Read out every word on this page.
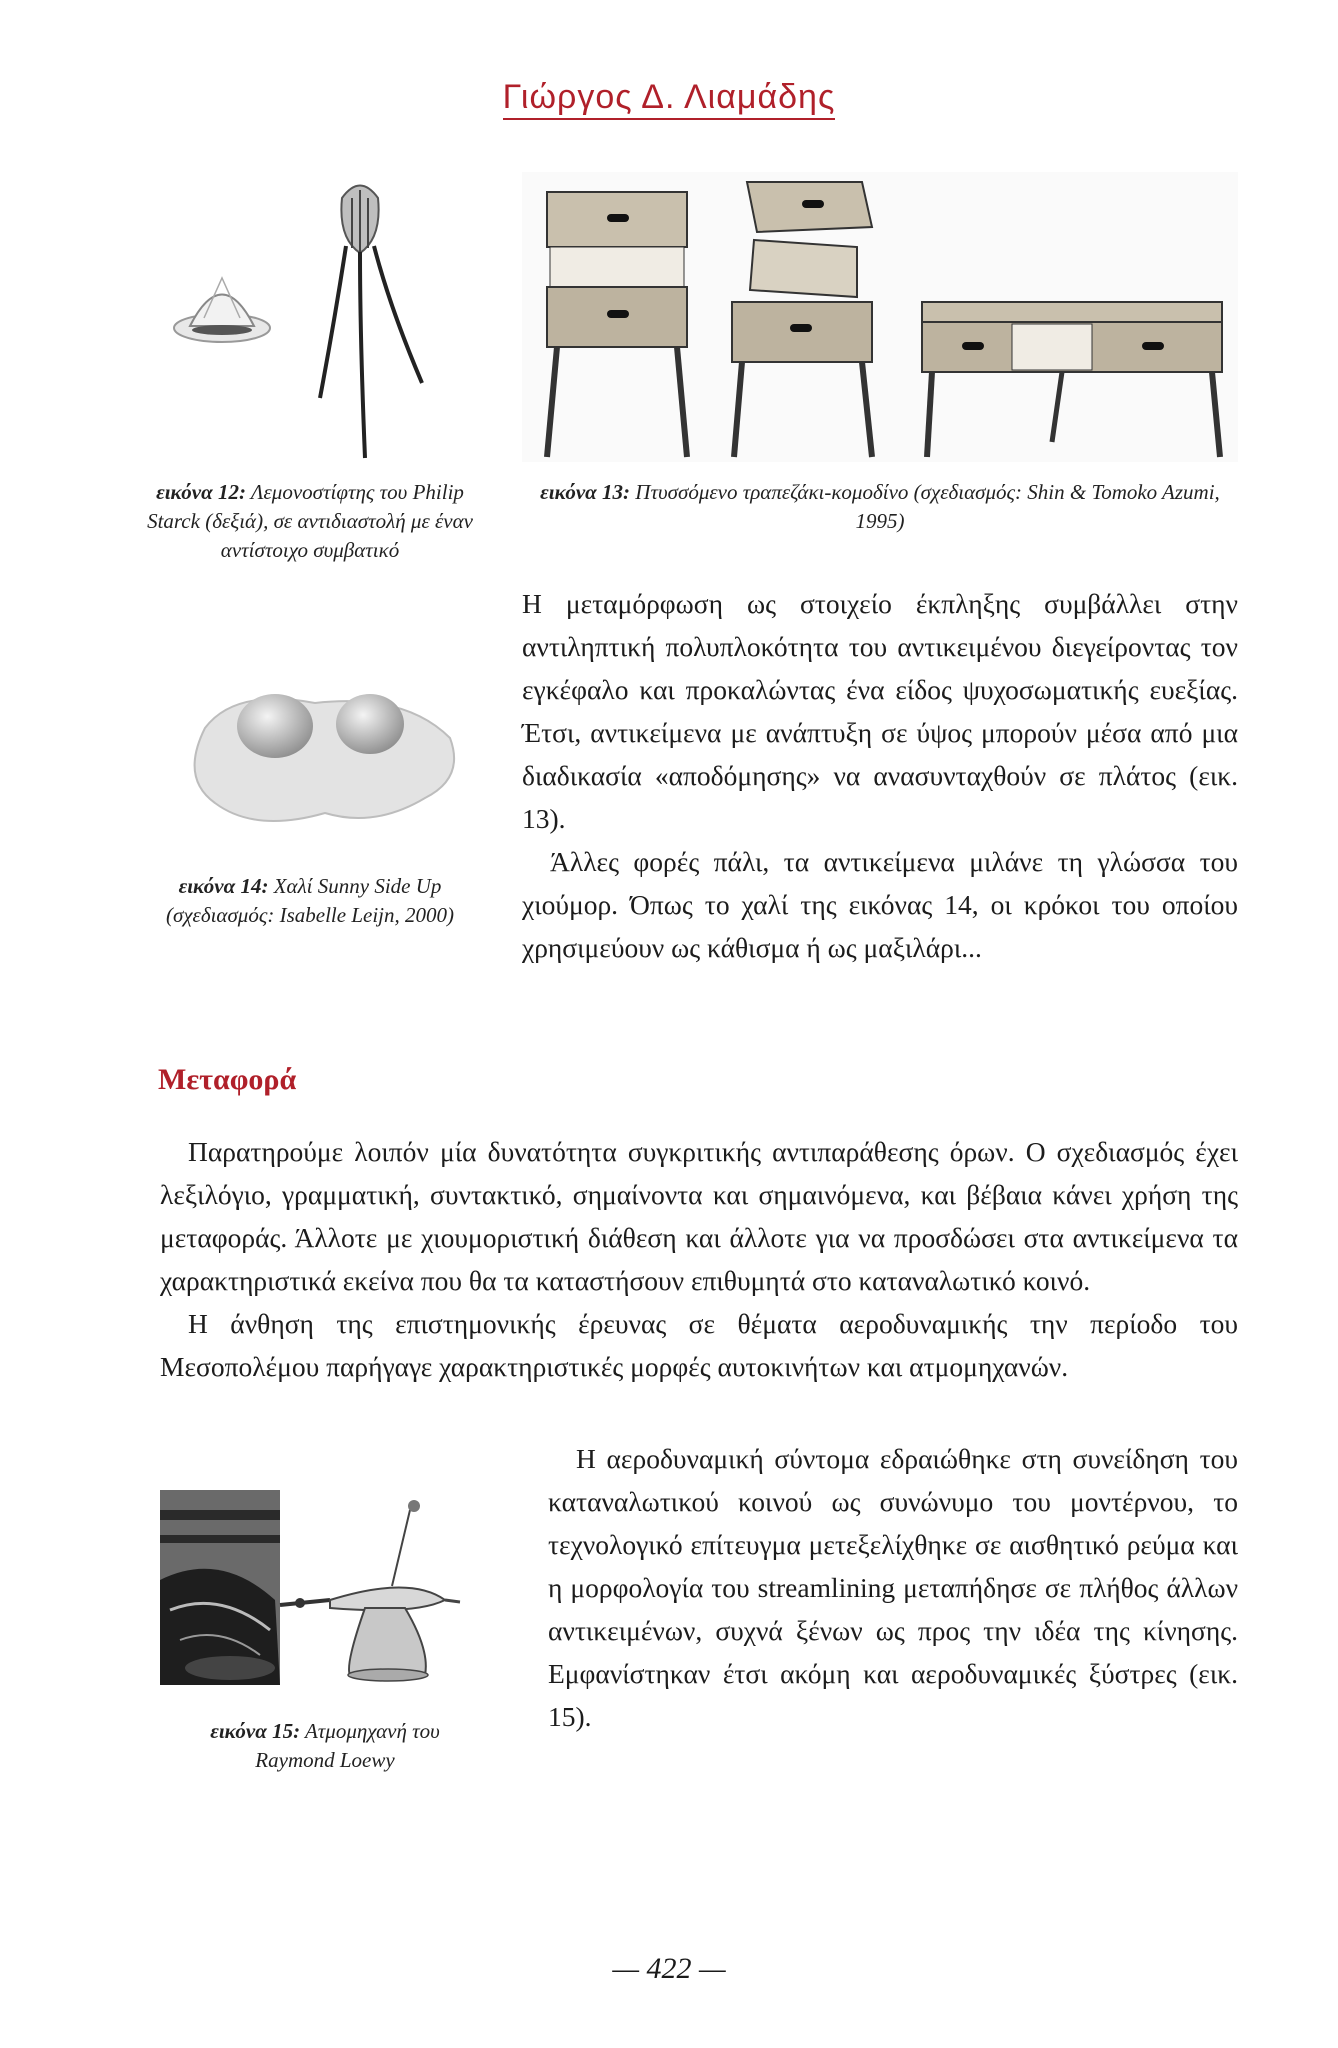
Γιώργος Δ. Λιαμάδης
εικόνα 12: Λεμονοστίφτης του Philip Starck (δεξιά), σε αντιδιαστολή με έναν αντίστοιχο συμβατικό
εικόνα 13: Πτυσσόμενο τραπεζάκι-κομοδίνο (σχεδιασμός: Shin & Tomoko Azumi, 1995)
εικόνα 14: Χαλί Sunny Side Up (σχεδιασμός: Isabelle Leijn, 2000)

Η μεταμόρφωση ως στοιχείο έκπληξης συμβάλλει στην αντιληπτική πολυπλοκότητα του αντικειμένου διεγείροντας τον εγκέφαλο και προκαλώντας ένα είδος ψυχοσωματικής ευεξίας. Έτσι, αντικείμενα με ανάπτυξη σε ύψος μπορούν μέσα από μια διαδικασία «αποδόμησης» να ανασυνταχθούν σε πλάτος (εικ. 13).

Άλλες φορές πάλι, τα αντικείμενα μιλάνε τη γλώσσα του χιούμορ. Όπως το χαλί της εικόνας 14, οι κρόκοι του οποίου χρησιμεύουν ως κάθισμα ή ως μαξιλάρι...

Μεταφορά

Παρατηρούμε λοιπόν μία δυνατότητα συγκριτικής αντιπαράθεσης όρων. Ο σχεδιασμός έχει λεξιλόγιο, γραμματική, συντακτικό, σημαίνοντα και σημαινόμενα, και βέβαια κάνει χρήση της μεταφοράς. Άλλοτε με χιουμοριστική διάθεση και άλλοτε για να προσδώσει στα αντικείμενα τα χαρακτηριστικά εκείνα που θα τα καταστήσουν επιθυμητά στο καταναλωτικό κοινό.

Η άνθηση της επιστημονικής έρευνας σε θέματα αεροδυναμικής την περίοδο του Μεσοπολέμου παρήγαγε χαρακτηριστικές μορφές αυτοκινήτων και ατμομηχανών.

εικόνα 15: Ατμομηχανή του Raymond Loewy

Η αεροδυναμική σύντομα εδραιώθηκε στη συνείδηση του καταναλωτικού κοινού ως συνώνυμο του μοντέρνου, το τεχνολογικό επίτευγμα μετεξελίχθηκε σε αισθητικό ρεύμα και η μορφολογία του streamlining μεταπήδησε σε πλήθος άλλων αντικειμένων, συχνά ξένων ως προς την ιδέα της κίνησης. Εμφανίστηκαν έτσι ακόμη και αεροδυναμικές ξύστρες (εικ. 15).

— 422 —
